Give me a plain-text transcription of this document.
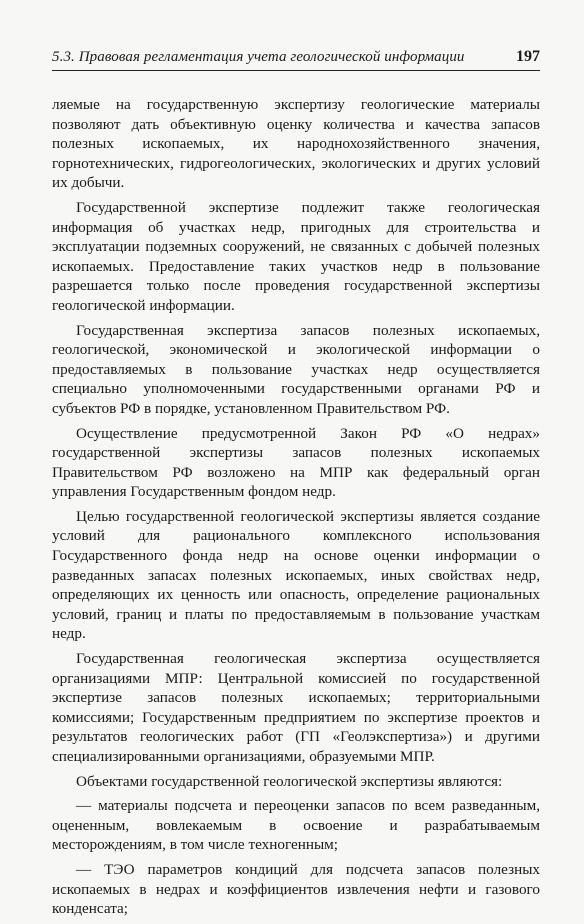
5.3. Правовая регламентация учета геологической информации	197

ляемые на государственную экспертизу геологические материалы позволяют дать объективную оценку количества и качества запасов полезных ископаемых, их народнохозяйственного значения, горнотехнических, гидрогеологических, экологических и других условий их добычи.

Государственной экспертизе подлежит также геологическая информация об участках недр, пригодных для строительства и эксплуатации подземных сооружений, не связанных с добычей полезных ископаемых. Предоставление таких участков недр в пользование разрешается только после проведения государственной экспертизы геологической информации.

Государственная экспертиза запасов полезных ископаемых, геологической, экономической и экологической информации о предоставляемых в пользование участках недр осуществляется специально уполномоченными государственными органами РФ и субъектов РФ в порядке, установленном Правительством РФ.

Осуществление предусмотренной Закон РФ «О недрах» государственной экспертизы запасов полезных ископаемых Правительством РФ возложено на МПР как федеральный орган управления Государственным фондом недр.

Целью государственной геологической экспертизы является создание условий для рационального комплексного использования Государственного фонда недр на основе оценки информации о разведанных запасах полезных ископаемых, иных свойствах недр, определяющих их ценность или опасность, определение рациональных условий, границ и платы по предоставляемым в пользование участкам недр.

Государственная геологическая экспертиза осуществляется организациями МПР: Центральной комиссией по государственной экспертизе запасов полезных ископаемых; территориальными комиссиями; Государственным предприятием по экспертизе проектов и результатов геологических работ (ГП «Геолэкспертиза») и другими специализированными организациями, образуемыми МПР.

Объектами государственной геологической экспертизы являются:

— материалы подсчета и переоценки запасов по всем разведанным, оцененным, вовлекаемым в освоение и разрабатываемым месторождениям, в том числе техногенным;

— ТЭО параметров кондиций для подсчета запасов полезных ископаемых в недрах и коэффициентов извлечения нефти и газового конденсата;
